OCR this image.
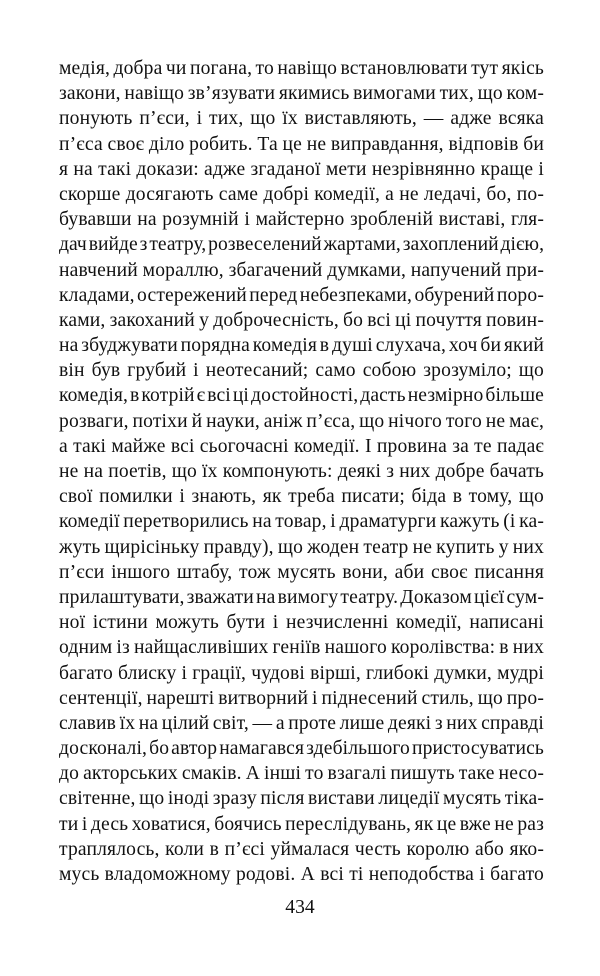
медія, добра чи погана, то навіщо встановлювати тут якісь
закони, навіщо зв’язувати якимись вимогами тих, що ком-
понують п’єси, і тих, що їх виставляють, — адже всяка
п’єса своє діло робить. Та це не виправдання, відповів би
я на такі докази: адже згаданої мети незрівнянно краще і
скорше досягають саме добрі комедії, а не ледачі, бо, по-
бувавши на розумній і майстерно зробленій виставі, гля-
дач вийде з театру, розвеселений жартами, захоплений дією,
навчений мораллю, збагачений думками, напучений при-
кладами, остережений перед небезпеками, обурений поро-
ками, закоханий у доброчесність, бо всі ці почуття повин-
на збуджувати порядна комедія в душі слухача, хоч би який
він був грубий і неотесаний; само собою зрозуміло; що
комедія, в котрій є всі ці достойності, дасть незмірно більше
розваги, потіхи й науки, аніж п’єса, що нічого того не має,
а такі майже всі сьогочасні комедії. І провина за те падає
не на поетів, що їх компонують: деякі з них добре бачать
свої помилки і знають, як треба писати; біда в тому, що
комедії перетворились на товар, і драматурги кажуть (і ка-
жуть щирісіньку правду), що жоден театр не купить у них
п’єси іншого штабу, тож мусять вони, аби своє писання
прилаштувати, зважати на вимогу театру. Доказом цієї сум-
ної істини можуть бути і незчисленні комедії, написані
одним із найщасливіших геніїв нашого королівства: в них
багато блиску і грації, чудові вірші, глибокі думки, мудрі
сентенції, нарешті витворний і піднесений стиль, що про-
славив їх на цілий світ, — а проте лише деякі з них справді
досконалі, бо автор намагався здебільшого пристосуватись
до акторських смаків. А інші то взагалі пишуть таке несо-
світенне, що іноді зразу після вистави лицедії мусять тіка-
ти і десь ховатися, боячись переслідувань, як це вже не раз
траплялось, коли в п’єсі уймалася честь королю або яко-
мусь владоможному родові. А всі ті неподобства і багато
434
